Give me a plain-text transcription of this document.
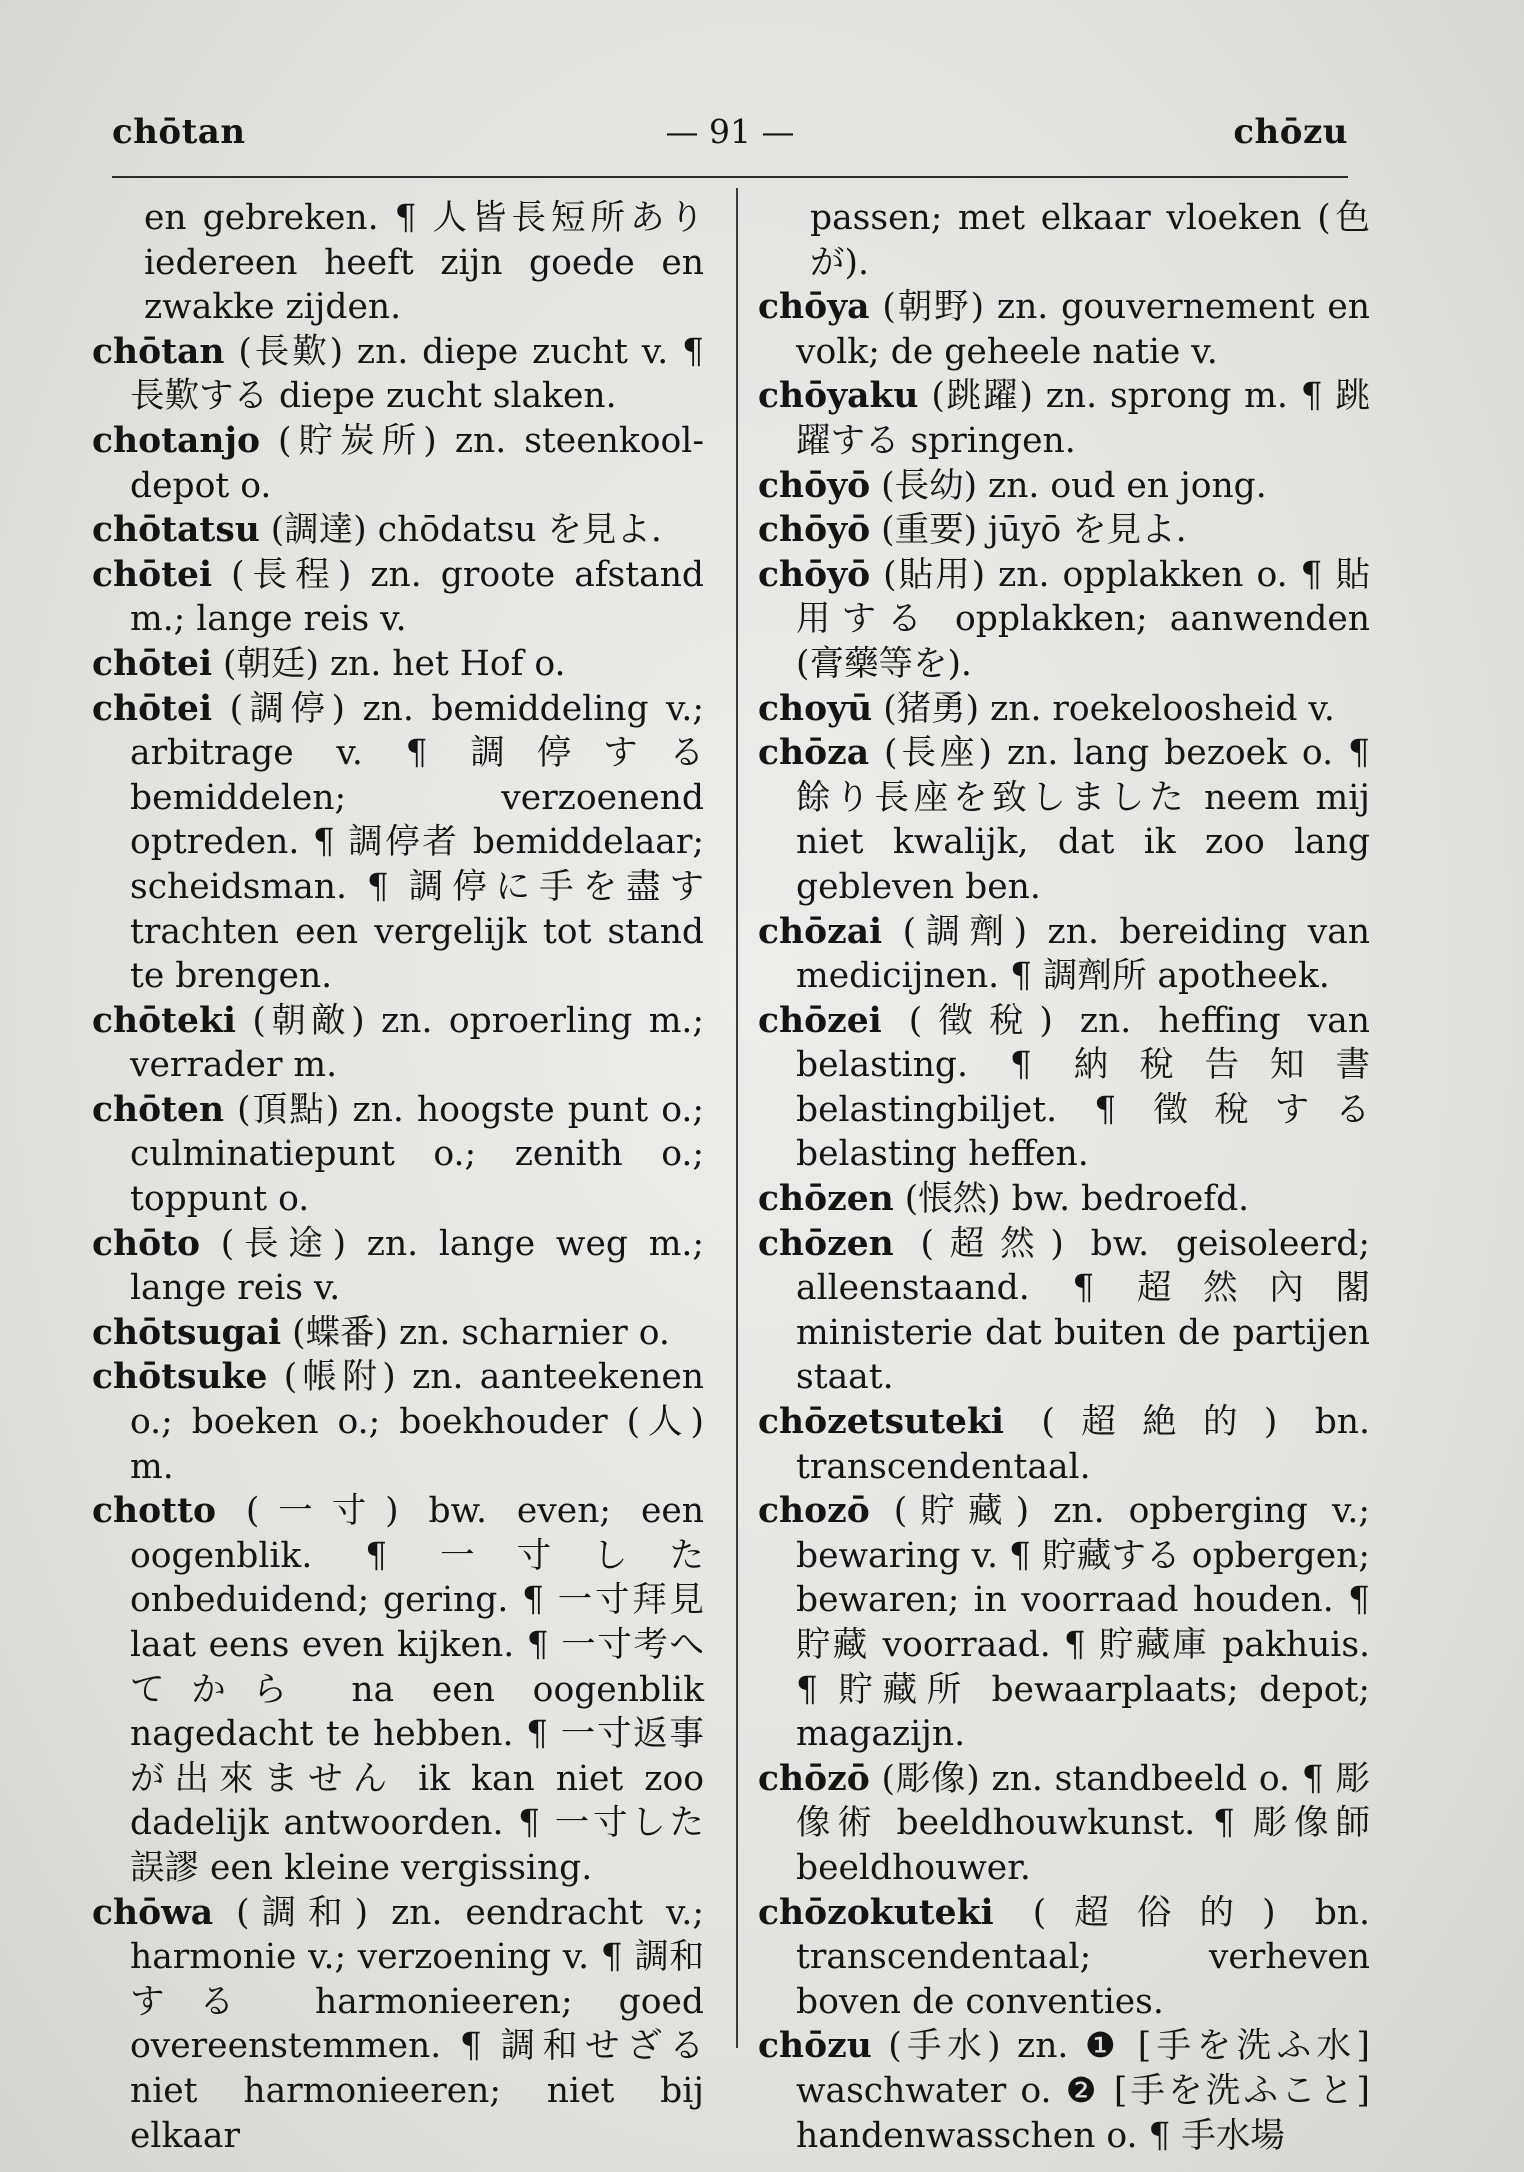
chōtan	— 91 —	chōzu

en gebreken. ¶ 人皆長短所あり iedereen heeft zijn goede en zwakke zijden.

chōtan (長歎) zn. diepe zucht v. ¶ 長歎する diepe zucht slaken.

chotanjo (貯炭所) zn. steenkool-depot o.

chōtatsu (調達) chōdatsu を見よ.

chōtei (長程) zn. groote afstand m.; lange reis v.

chōtei (朝廷) zn. het Hof o.

chōtei (調停) zn. bemiddeling v.; arbitrage v. ¶ 調停する bemiddelen; verzoenend optreden. ¶ 調停者 bemiddelaar; scheidsman. ¶ 調停に手を盡す trachten een vergelijk tot stand te brengen.

chōteki (朝敵) zn. oproerling m.; verrader m.

chōten (頂點) zn. hoogste punt o.; culminatiepunt o.; zenith o.; toppunt o.

chōto (長途) zn. lange weg m.; lange reis v.

chōtsugai (蝶番) zn. scharnier o.

chōtsuke (帳附) zn. aanteekenen o.; boeken o.; boekhouder (人) m.

chotto (一寸) bw. even; een oogenblik. ¶ 一寸した onbeduidend; gering. ¶ 一寸拜見 laat eens even kijken. ¶ 一寸考へてから na een oogenblik nagedacht te hebben. ¶ 一寸返事が出來ません ik kan niet zoo dadelijk antwoorden. ¶ 一寸した誤謬 een kleine vergissing.

chōwa (調和) zn. eendracht v.; harmonie v.; verzoening v. ¶ 調和する harmonieeren; goed overeenstemmen. ¶ 調和せざる niet harmonieeren; niet bij elkaar

passen; met elkaar vloeken (色が).

chōya (朝野) zn. gouvernement en volk; de geheele natie v.

chōyaku (跳躍) zn. sprong m. ¶ 跳躍する springen.

chōyō (長幼) zn. oud en jong.

chōyō (重要) jūyō を見よ.

chōyō (貼用) zn. opplakken o. ¶ 貼用する opplakken; aanwenden (膏藥等を).

choyū (猪勇) zn. roekeloosheid v.

chōza (長座) zn. lang bezoek o. ¶ 餘り長座を致しました neem mij niet kwalijk, dat ik zoo lang gebleven ben.

chōzai (調劑) zn. bereiding van medicijnen. ¶ 調劑所 apotheek.

chōzei (徵稅) zn. heffing van belasting. ¶ 納稅告知書 belastingbiljet. ¶ 徵稅する belasting heffen.

chōzen (悵然) bw. bedroefd.

chōzen (超然) bw. geisoleerd; alleenstaand. ¶ 超然內閣 ministerie dat buiten de partijen staat.

chōzetsuteki (超絶的) bn. transcendentaal.

chozō (貯藏) zn. opberging v.; bewaring v. ¶ 貯藏する opbergen; bewaren; in voorraad houden. ¶ 貯藏 voorraad. ¶ 貯藏庫 pakhuis. ¶ 貯藏所 bewaarplaats; depot; magazijn.

chōzō (彫像) zn. standbeeld o. ¶ 彫像術 beeldhouwkunst. ¶ 彫像師 beeldhouwer.

chōzokuteki (超俗的) bn. transcendentaal; verheven boven de conventies.

chōzu (手水) zn. ❶ [手を洗ふ水] waschwater o. ❷ [手を洗ふこと] handenwasschen o. ¶ 手水場
